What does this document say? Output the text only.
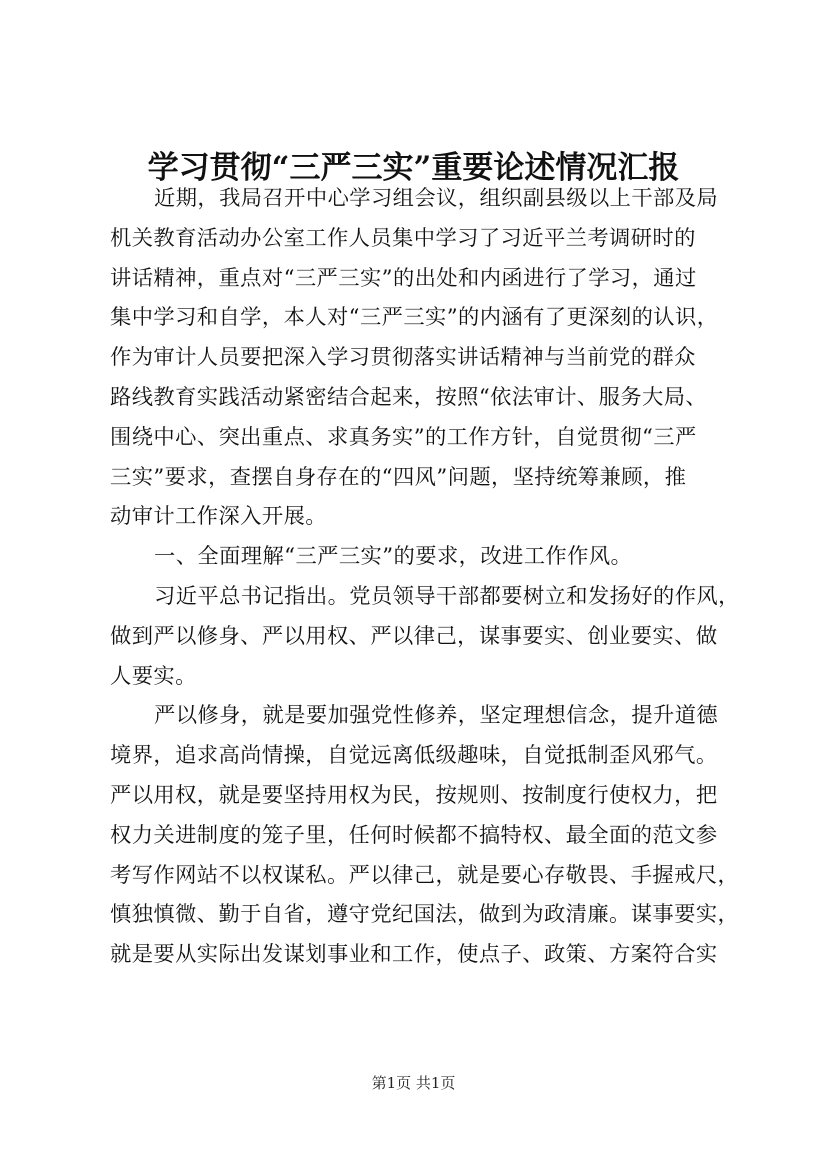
学习贯彻“三严三实”重要论述情况汇报
近期，我局召开中心学习组会议，组织副县级以上干部及局
机关教育活动办公室工作人员集中学习了习近平兰考调研时的
讲话精神，重点对“三严三实”的出处和内函进行了学习，通过
集中学习和自学，本人对“三严三实”的内涵有了更深刻的认识，
作为审计人员要把深入学习贯彻落实讲话精神与当前党的群众
路线教育实践活动紧密结合起来，按照“依法审计、服务大局、
围绕中心、突出重点、求真务实”的工作方针，自觉贯彻“三严
三实”要求，查摆自身存在的“四风”问题，坚持统筹兼顾，推
动审计工作深入开展。
一、全面理解“三严三实”的要求，改进工作作风。
习近平总书记指出。党员领导干部都要树立和发扬好的作风，
做到严以修身、严以用权、严以律己，谋事要实、创业要实、做
人要实。
严以修身，就是要加强党性修养，坚定理想信念，提升道德
境界，追求高尚情操，自觉远离低级趣味，自觉抵制歪风邪气。
严以用权，就是要坚持用权为民，按规则、按制度行使权力，把
权力关进制度的笼子里，任何时候都不搞特权、最全面的范文参
考写作网站不以权谋私。严以律己，就是要心存敬畏、手握戒尺，
慎独慎微、勤于自省，遵守党纪国法，做到为政清廉。谋事要实，
就是要从实际出发谋划事业和工作，使点子、政策、方案符合实
第1页 共1页
